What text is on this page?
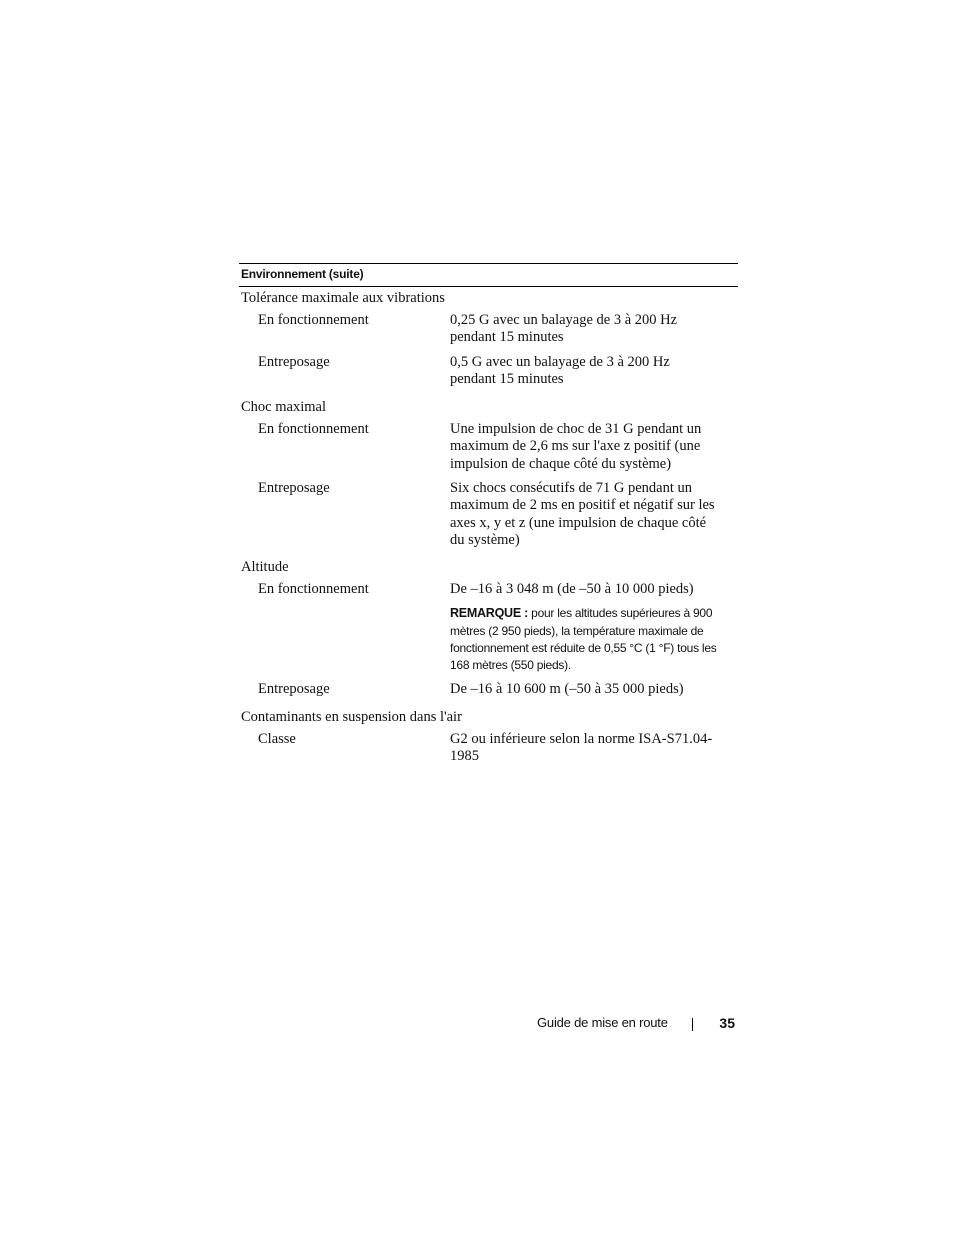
Environnement (suite)
Tolérance maximale aux vibrations
En fonctionnement	0,25 G avec un balayage de 3 à 200 Hz pendant 15 minutes
Entreposage	0,5 G avec un balayage de 3 à 200 Hz pendant 15 minutes
Choc maximal
En fonctionnement	Une impulsion de choc de 31 G pendant un maximum de 2,6 ms sur l'axe z positif (une impulsion de chaque côté du système)
Entreposage	Six chocs consécutifs de 71 G pendant un maximum de 2 ms en positif et négatif sur les axes x, y et z (une impulsion de chaque côté du système)
Altitude
En fonctionnement	De –16 à 3 048 m (de –50 à 10 000 pieds)
REMARQUE : pour les altitudes supérieures à 900 mètres (2 950 pieds), la température maximale de fonctionnement est réduite de 0,55 °C (1 °F) tous les 168 mètres (550 pieds).
Entreposage	De –16 à 10 600 m (–50 à 35 000 pieds)
Contaminants en suspension dans l'air
Classe	G2 ou inférieure selon la norme ISA-S71.04-1985
Guide de mise en route	35
